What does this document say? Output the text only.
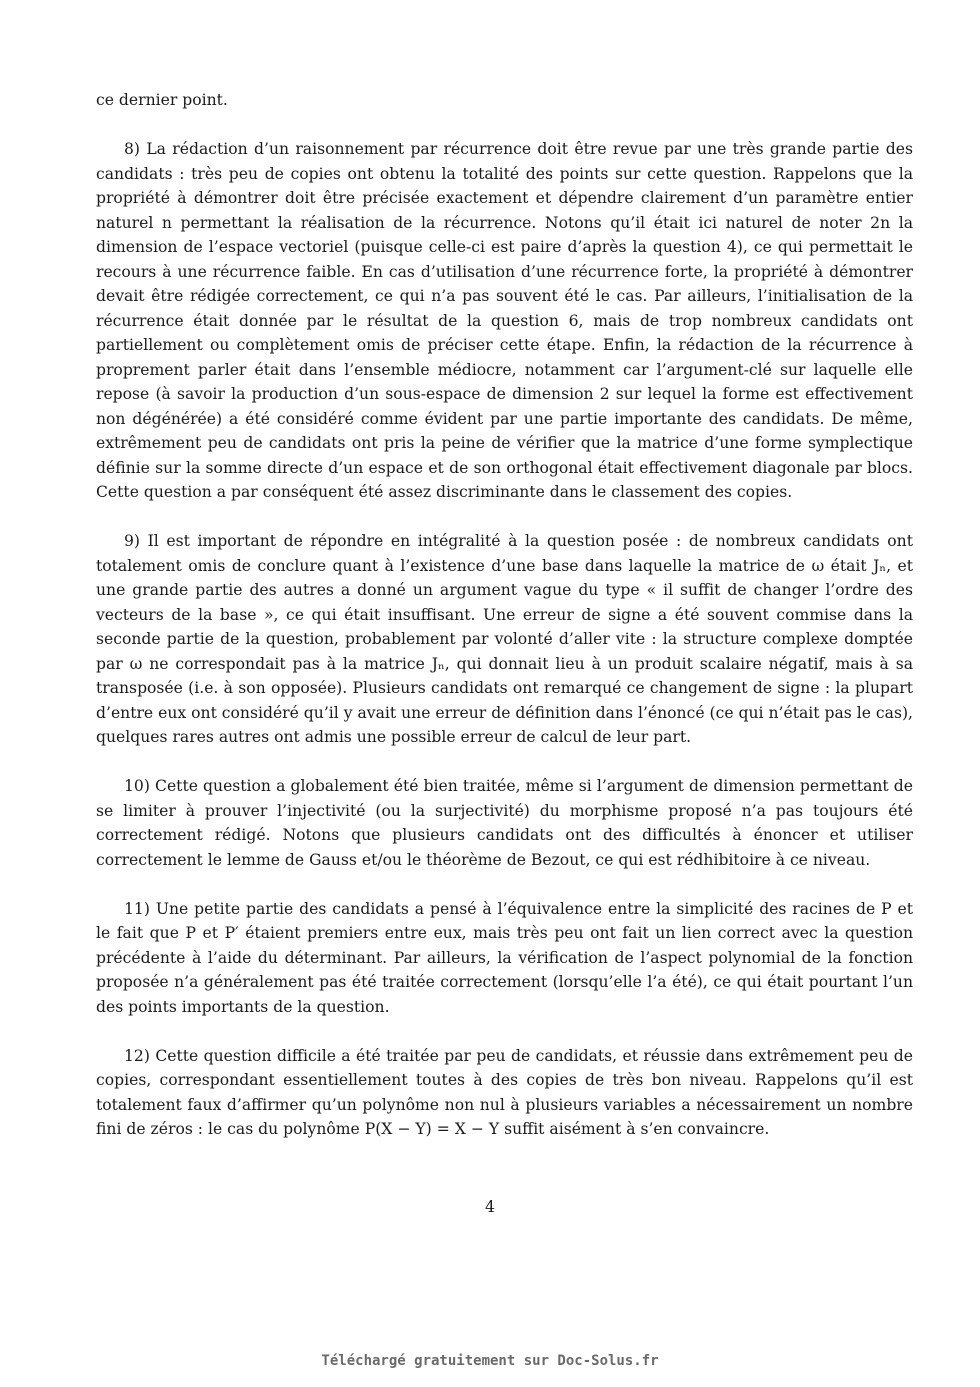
ce dernier point.

8) La rédaction d’un raisonnement par récurrence doit être revue par une très grande partie des candidats : très peu de copies ont obtenu la totalité des points sur cette question. Rappelons que la propriété à démontrer doit être précisée exactement et dépendre clairement d’un paramètre entier naturel n permettant la réalisation de la récurrence. Notons qu’il était ici naturel de noter 2n la dimension de l’espace vectoriel (puisque celle-ci est paire d’après la question 4), ce qui permettait le recours à une récurrence faible. En cas d’utilisation d’une récurrence forte, la propriété à démontrer devait être rédigée correctement, ce qui n’a pas souvent été le cas. Par ailleurs, l’initialisation de la récurrence était donnée par le résultat de la question 6, mais de trop nombreux candidats ont partiellement ou complètement omis de préciser cette étape. Enfin, la rédaction de la récurrence à proprement parler était dans l’ensemble médiocre, notamment car l’argument-clé sur laquelle elle repose (à savoir la production d’un sous-espace de dimension 2 sur lequel la forme est effectivement non dégénérée) a été considéré comme évident par une partie importante des candidats. De même, extrêmement peu de candidats ont pris la peine de vérifier que la matrice d’une forme symplectique définie sur la somme directe d’un espace et de son orthogonal était effectivement diagonale par blocs. Cette question a par conséquent été assez discriminante dans le classement des copies.

9) Il est important de répondre en intégralité à la question posée : de nombreux candidats ont totalement omis de conclure quant à l’existence d’une base dans laquelle la matrice de ω était Jₙ, et une grande partie des autres a donné un argument vague du type « il suffit de changer l’ordre des vecteurs de la base », ce qui était insuffisant. Une erreur de signe a été souvent commise dans la seconde partie de la question, probablement par volonté d’aller vite : la structure complexe domptée par ω ne correspondait pas à la matrice Jₙ, qui donnait lieu à un produit scalaire négatif, mais à sa transposée (i.e. à son opposée). Plusieurs candidats ont remarqué ce changement de signe : la plupart d’entre eux ont considéré qu’il y avait une erreur de définition dans l’énoncé (ce qui n’était pas le cas), quelques rares autres ont admis une possible erreur de calcul de leur part.

10) Cette question a globalement été bien traitée, même si l’argument de dimension permettant de se limiter à prouver l’injectivité (ou la surjectivité) du morphisme proposé n’a pas toujours été correctement rédigé. Notons que plusieurs candidats ont des difficultés à énoncer et utiliser correctement le lemme de Gauss et/ou le théorème de Bezout, ce qui est rédhibitoire à ce niveau.

11) Une petite partie des candidats a pensé à l’équivalence entre la simplicité des racines de P et le fait que P et P′ étaient premiers entre eux, mais très peu ont fait un lien correct avec la question précédente à l’aide du déterminant. Par ailleurs, la vérification de l’aspect polynomial de la fonction proposée n’a généralement pas été traitée correctement (lorsqu’elle l’a été), ce qui était pourtant l’un des points importants de la question.

12) Cette question difficile a été traitée par peu de candidats, et réussie dans extrêmement peu de copies, correspondant essentiellement toutes à des copies de très bon niveau. Rappelons qu’il est totalement faux d’affirmer qu’un polynôme non nul à plusieurs variables a nécessairement un nombre fini de zéros : le cas du polynôme P(X − Y) = X − Y suffit aisément à s’en convaincre.

4
Téléchargé gratuitement sur Doc-Solus.fr
